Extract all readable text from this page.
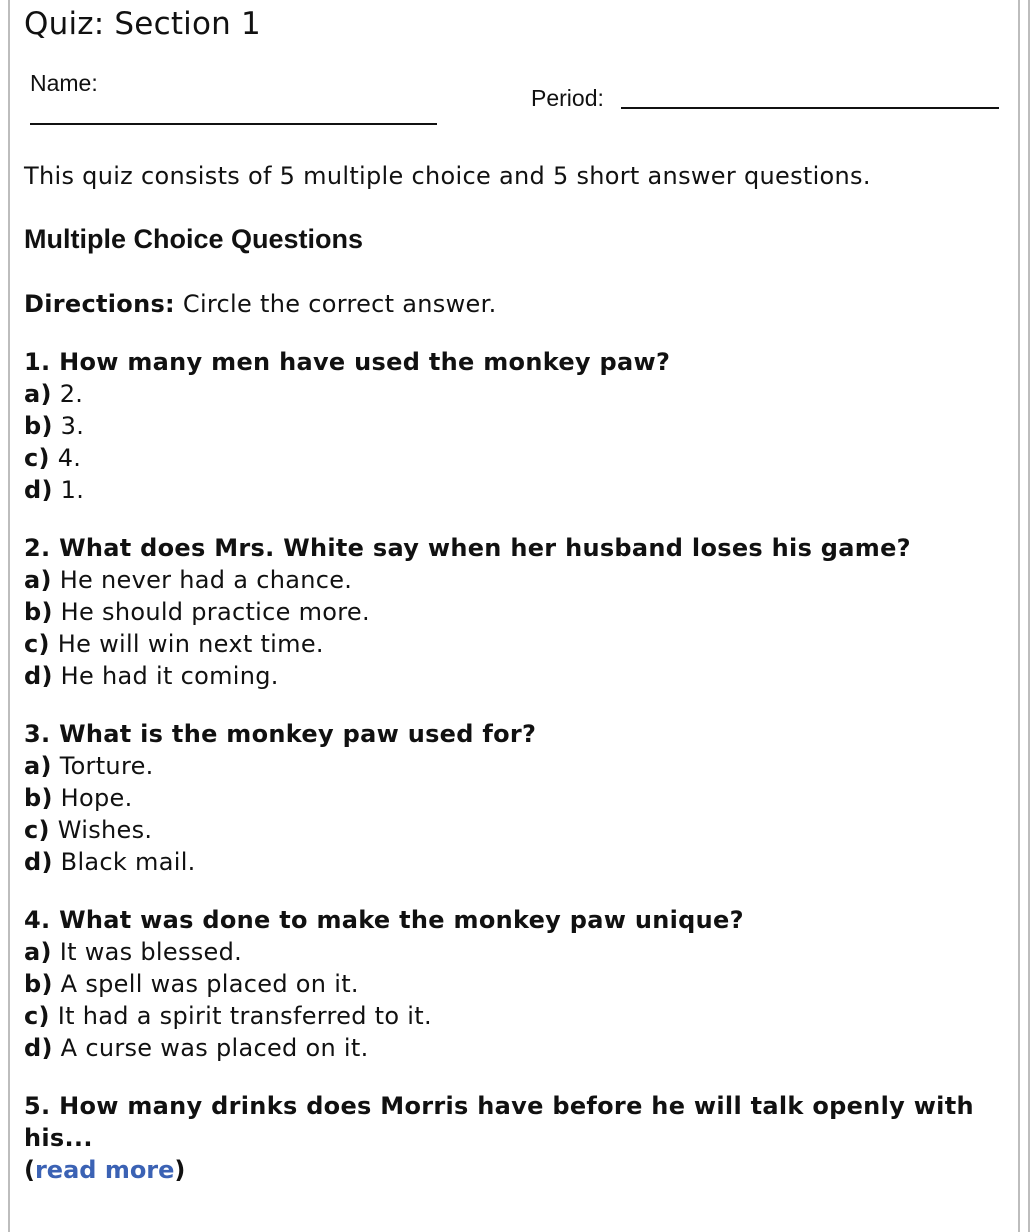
Quiz: Section 1
Name:
Period:
This quiz consists of 5 multiple choice and 5 short answer questions.
Multiple Choice Questions
Directions: Circle the correct answer.
1. How many men have used the monkey paw?
a) 2.
b) 3.
c) 4.
d) 1.
2. What does Mrs. White say when her husband loses his game?
a) He never had a chance.
b) He should practice more.
c) He will win next time.
d) He had it coming.
3. What is the monkey paw used for?
a) Torture.
b) Hope.
c) Wishes.
d) Black mail.
4. What was done to make the monkey paw unique?
a) It was blessed.
b) A spell was placed on it.
c) It had a spirit transferred to it.
d) A curse was placed on it.
5. How many drinks does Morris have before he will talk openly with his...
(read more)
